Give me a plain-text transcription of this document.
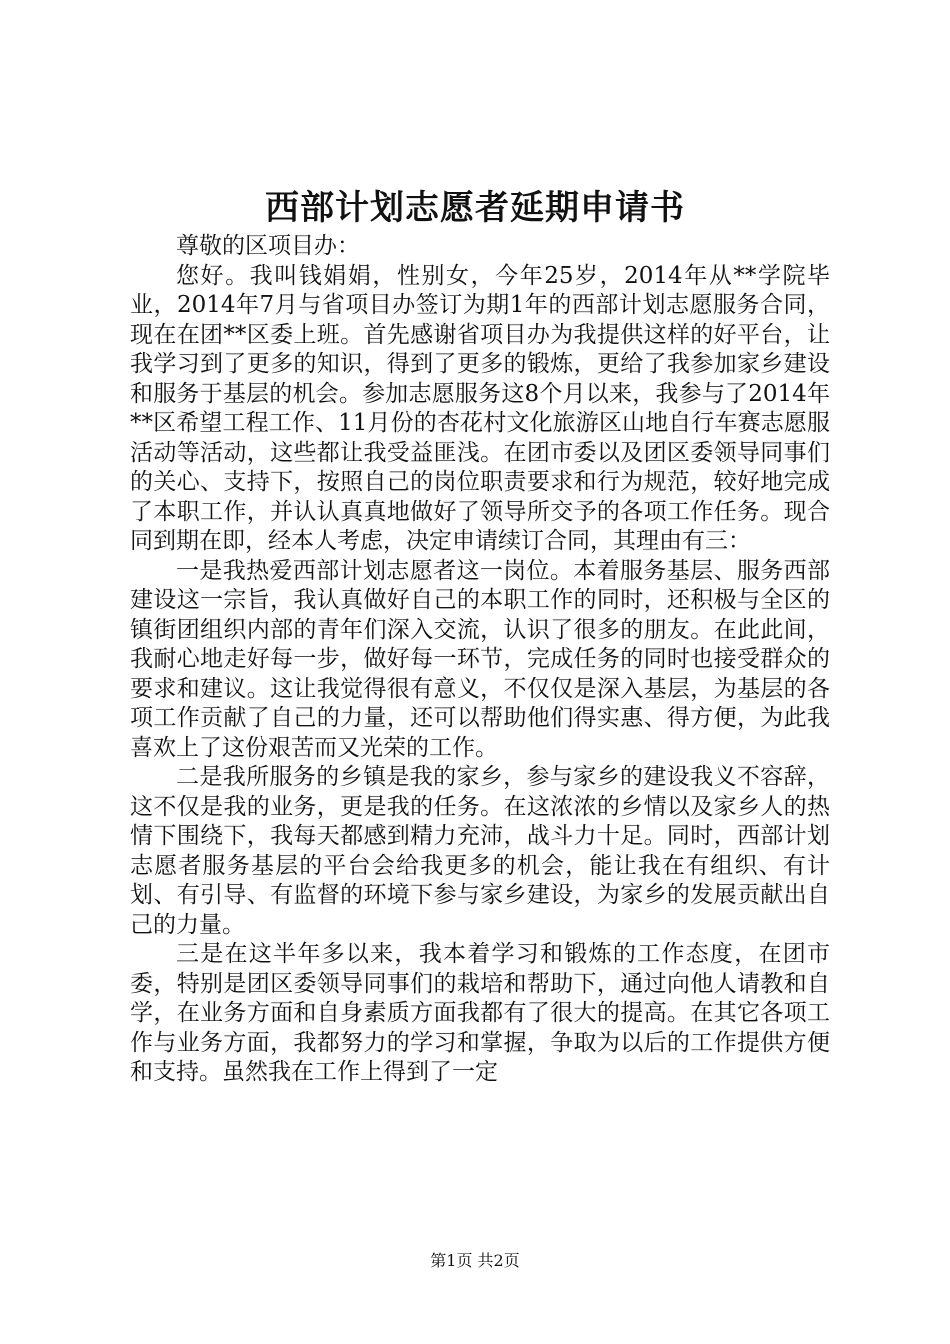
西部计划志愿者延期申请书

尊敬的区项目办：

您好。我叫钱娟娟，性别女，今年25岁，2014年从**学院毕业，2014年7月与省项目办签订为期1年的西部计划志愿服务合同，现在在团**区委上班。首先感谢省项目办为我提供这样的好平台，让我学习到了更多的知识，得到了更多的锻炼，更给了我参加家乡建设和服务于基层的机会。参加志愿服务这8个月以来，我参与了2014年**区希望工程工作、11月份的杏花村文化旅游区山地自行车赛志愿服活动等活动，这些都让我受益匪浅。在团市委以及团区委领导同事们的关心、支持下，按照自己的岗位职责要求和行为规范，较好地完成了本职工作，并认认真真地做好了领导所交予的各项工作任务。现合同到期在即，经本人考虑，决定申请续订合同，其理由有三：

一是我热爱西部计划志愿者这一岗位。本着服务基层、服务西部建设这一宗旨，我认真做好自己的本职工作的同时，还积极与全区的镇街团组织内部的青年们深入交流，认识了很多的朋友。在此此间，我耐心地走好每一步，做好每一环节，完成任务的同时也接受群众的要求和建议。这让我觉得很有意义，不仅仅是深入基层，为基层的各项工作贡献了自己的力量，还可以帮助他们得实惠、得方便，为此我喜欢上了这份艰苦而又光荣的工作。

二是我所服务的乡镇是我的家乡，参与家乡的建设我义不容辞，这不仅是我的业务，更是我的任务。在这浓浓的乡情以及家乡人的热情下围绕下，我每天都感到精力充沛，战斗力十足。同时，西部计划志愿者服务基层的平台会给我更多的机会，能让我在有组织、有计划、有引导、有监督的环境下参与家乡建设，为家乡的发展贡献出自己的力量。

三是在这半年多以来，我本着学习和锻炼的工作态度，在团市委，特别是团区委领导同事们的栽培和帮助下，通过向他人请教和自学，在业务方面和自身素质方面我都有了很大的提高。在其它各项工作与业务方面，我都努力的学习和掌握，争取为以后的工作提供方便和支持。虽然我在工作上得到了一定

第1页 共2页
